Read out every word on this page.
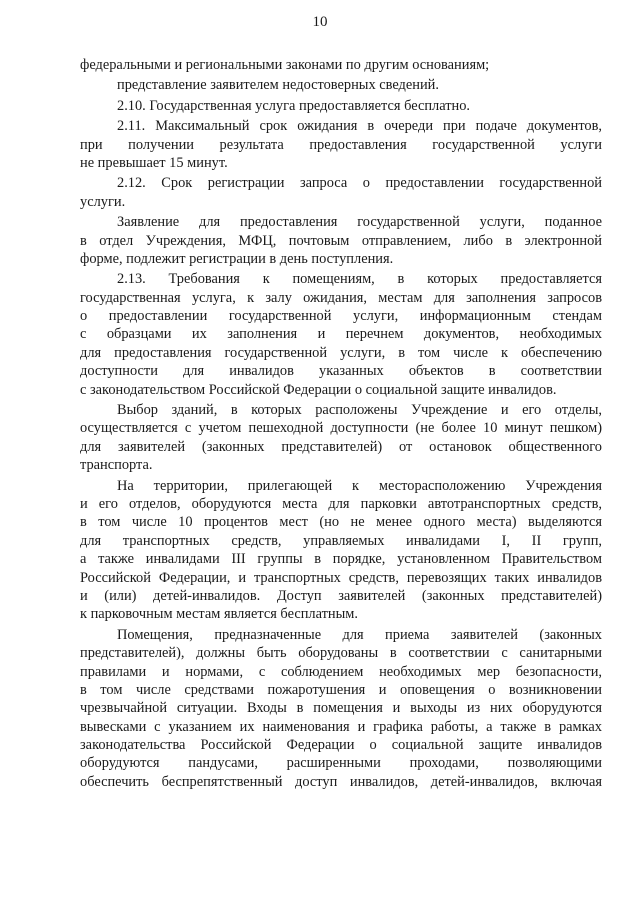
10
федеральными и региональными законами по другим основаниям;
представление заявителем недостоверных сведений.
2.10. Государственная услуга предоставляется бесплатно.
2.11. Максимальный срок ожидания в очереди при подаче документов,
при получении результата предоставления государственной услуги
не превышает 15 минут.
2.12. Срок регистрации запроса о предоставлении государственной
услуги.
Заявление для предоставления государственной услуги, поданное
в отдел Учреждения, МФЦ, почтовым отправлением, либо в электронной
форме, подлежит регистрации в день поступления.
2.13. Требования к помещениям, в которых предоставляется
государственная услуга, к залу ожидания, местам для заполнения запросов
о предоставлении государственной услуги, информационным стендам
с образцами их заполнения и перечнем документов, необходимых
для предоставления государственной услуги, в том числе к обеспечению
доступности для инвалидов указанных объектов в соответствии
с законодательством Российской Федерации о социальной защите инвалидов.
Выбор зданий, в которых расположены Учреждение и его отделы,
осуществляется с учетом пешеходной доступности (не более 10 минут пешком)
для заявителей (законных представителей) от остановок общественного
транспорта.
На территории, прилегающей к месторасположению Учреждения
и его отделов, оборудуются места для парковки автотранспортных средств,
в том числе 10 процентов мест (но не менее одного места) выделяются
для транспортных средств, управляемых инвалидами I, II групп,
а также инвалидами III группы в порядке, установленном Правительством
Российской Федерации, и транспортных средств, перевозящих таких инвалидов
и (или) детей-инвалидов. Доступ заявителей (законных представителей)
к парковочным местам является бесплатным.
Помещения, предназначенные для приема заявителей (законных
представителей), должны быть оборудованы в соответствии с санитарными
правилами и нормами, с соблюдением необходимых мер безопасности,
в том числе средствами пожаротушения и оповещения о возникновении
чрезвычайной ситуации. Входы в помещения и выходы из них оборудуются
вывесками с указанием их наименования и графика работы, а также в рамках
законодательства Российской Федерации о социальной защите инвалидов
оборудуются пандусами, расширенными проходами, позволяющими
обеспечить беспрепятственный доступ инвалидов, детей-инвалидов, включая
